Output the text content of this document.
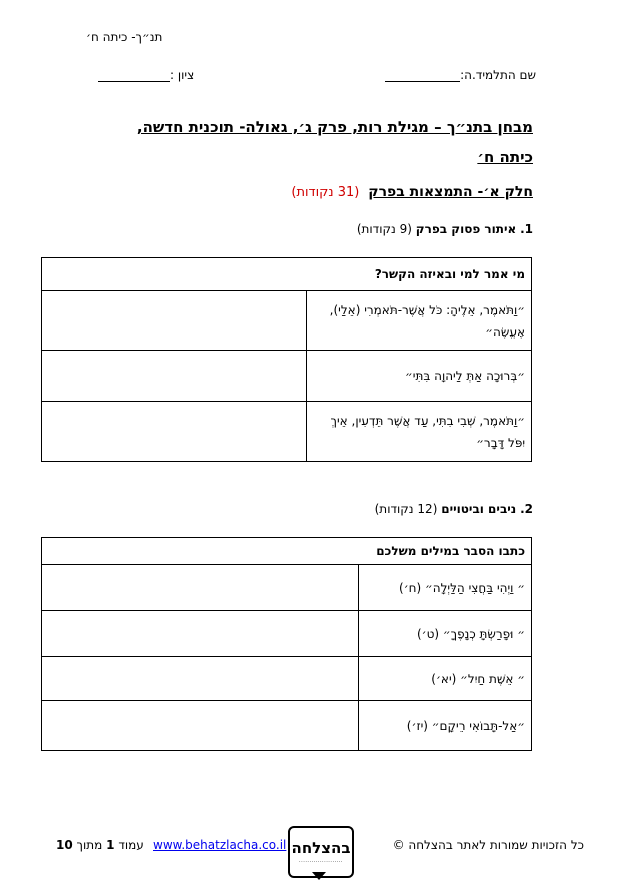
תנ״ך- כיתה ח׳
שם התלמיד.ה:
ציון :
מבחן בתנ״ך – מגילת רות, פרק ג׳, גאולה- תוכנית חדשה,
כיתה ח׳
חלק א׳- התמצאות בפרק  (31 נקודות)
1. איתור פסוק בפרק (9 נקודות)
מי אמר למי ובאיזה הקשר?	
״וַתֹּאמֶר, אֵלֶיהָ: כֹּל אֲשֶׁר-תֹּאמְרִי (אֵלַי), אֶעֱשֶׂה״	
״בְּרוּכָה אַתְּ לַיהוָה בִּתִּי״	
״וַתֹּאמֶר, שְׁבִי בִתִּי, עַד אֲשֶׁר תֵּדְעִין, אֵיךְ יִפֹּל דָּבָר״	
2. ניבים וביטויים (12 נקודות)
כתבו הסבר במילים משלכם	
״ וַיְהִי בַּחֲצִי הַלַּיְלָה״ (ח׳)	
״ וּפָרַשְׂתָּ כְנָפֶךָ״ (ט׳)	
״ אֵשֶׁת חַיִל״ (יא׳)	
״אַל-תָּבוֹאִי רֵיקָם״ (יז׳)	
כל הזכויות שמורות לאתר בהצלחה ©
בהצלחה
·····················
www.behatzlacha.co.il
עמוד 1 מתוך 10
